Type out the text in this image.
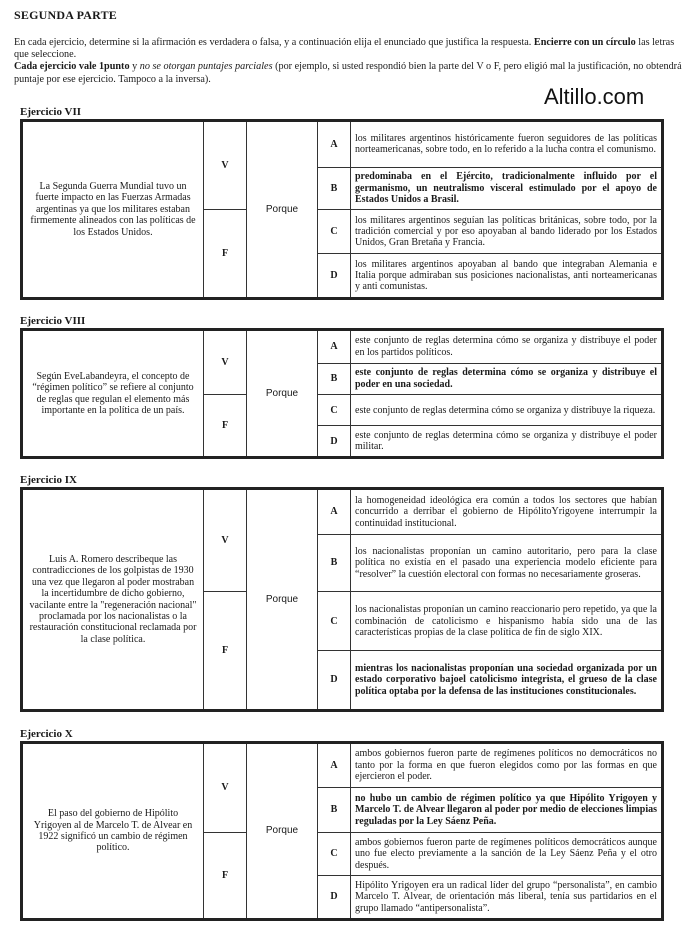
SEGUNDA PARTE
En cada ejercicio, determine si la afirmación es verdadera o falsa, y a continuación elija el enunciado que justifica la respuesta. Encierre con un círculo las letras que seleccione.
Cada ejercicio vale 1punto y no se otorgan puntajes parciales (por ejemplo, si usted respondió bien la parte del V o F, pero eligió mal la justificación, no obtendrá puntaje por ese ejercicio. Tampoco a la inversa).
Altillo.com
Ejercicio VII
La Segunda Guerra Mundial tuvo un fuerte impacto en las Fuerzas Armadas argentinas ya que los militares estaban firmemente alineados con las políticas de los Estados Unidos.	V	Porque	A	los militares argentinos históricamente fueron seguidores de las políticas norteamericanas, sobre todo, en lo referido a la lucha contra el comunismo.
			B	predominaba en el Ejército, tradicionalmente influido por el germanismo, un neutralismo visceral estimulado por el apoyo de Estados Unidos a Brasil.
	F		C	los militares argentinos seguían las políticas británicas, sobre todo, por la tradición comercial y por eso apoyaban al bando liderado por los Estados Unidos, Gran Bretaña y Francia.
			D	los militares argentinos apoyaban al bando que integraban Alemania e Italia porque admiraban sus posiciones nacionalistas, anti norteamericanas y anti comunistas.
Ejercicio VIII
Según EveLabandeyra, el concepto de “régimen político” se refiere al conjunto de reglas que regulan el elemento más importante en la política de un país.	V	Porque	A	este conjunto de reglas determina cómo se organiza y distribuye el poder en los partidos políticos.
			B	este conjunto de reglas determina cómo se organiza y distribuye el poder en una sociedad.
	F		C	este conjunto de reglas determina cómo se organiza y distribuye la riqueza.
			D	este conjunto de reglas determina cómo se organiza y distribuye el poder militar.
Ejercicio IX
Luis A. Romero describeque las contradicciones de los golpistas de 1930 una vez que llegaron al poder mostraban la incertidumbre de dicho gobierno, vacilante entre la "regeneración nacional" proclamada por los nacionalistas o la restauración constitucional reclamada por la clase política.	V	Porque	A	la homogeneidad ideológica era común a todos los sectores que habían concurrido a derribar el gobierno de HipólitoYrigoyene interrumpir la continuidad institucional.
			B	los nacionalistas proponían un camino autoritario, pero para la clase política no existía en el pasado una experiencia modelo eficiente para “resolver” la cuestión electoral con formas no necesariamente groseras.
	F		C	los nacionalistas proponían un camino reaccionario pero repetido, ya que la combinación de catolicismo e hispanismo había sido una de las características propias de la clase política de fin de siglo XIX.
			D	mientras los nacionalistas proponían una sociedad organizada por un estado corporativo bajoel catolicismo integrista, el grueso de la clase política optaba por la defensa de las instituciones constitucionales.
Ejercicio X
El paso del gobierno de Hipólito Yrigoyen al de Marcelo T. de Alvear en 1922 significó un cambio de régimen político.	V	Porque	A	ambos gobiernos fueron parte de regímenes políticos no democráticos no tanto por la forma en que fueron elegidos como por las formas en que ejercieron el poder.
			B	no hubo un cambio de régimen político ya que Hipólito Yrigoyen y Marcelo T. de Alvear llegaron al poder por medio de elecciones limpias reguladas por la Ley Sáenz Peña.
	F		C	ambos gobiernos fueron parte de regímenes políticos democráticos aunque uno fue electo previamente a la sanción de la Ley Sáenz Peña y el otro después.
			D	Hipólito Yrigoyen era un radical líder del grupo “personalista”, en cambio Marcelo T. Alvear, de orientación más liberal, tenía sus partidarios en el grupo llamado “antipersonalista”.
